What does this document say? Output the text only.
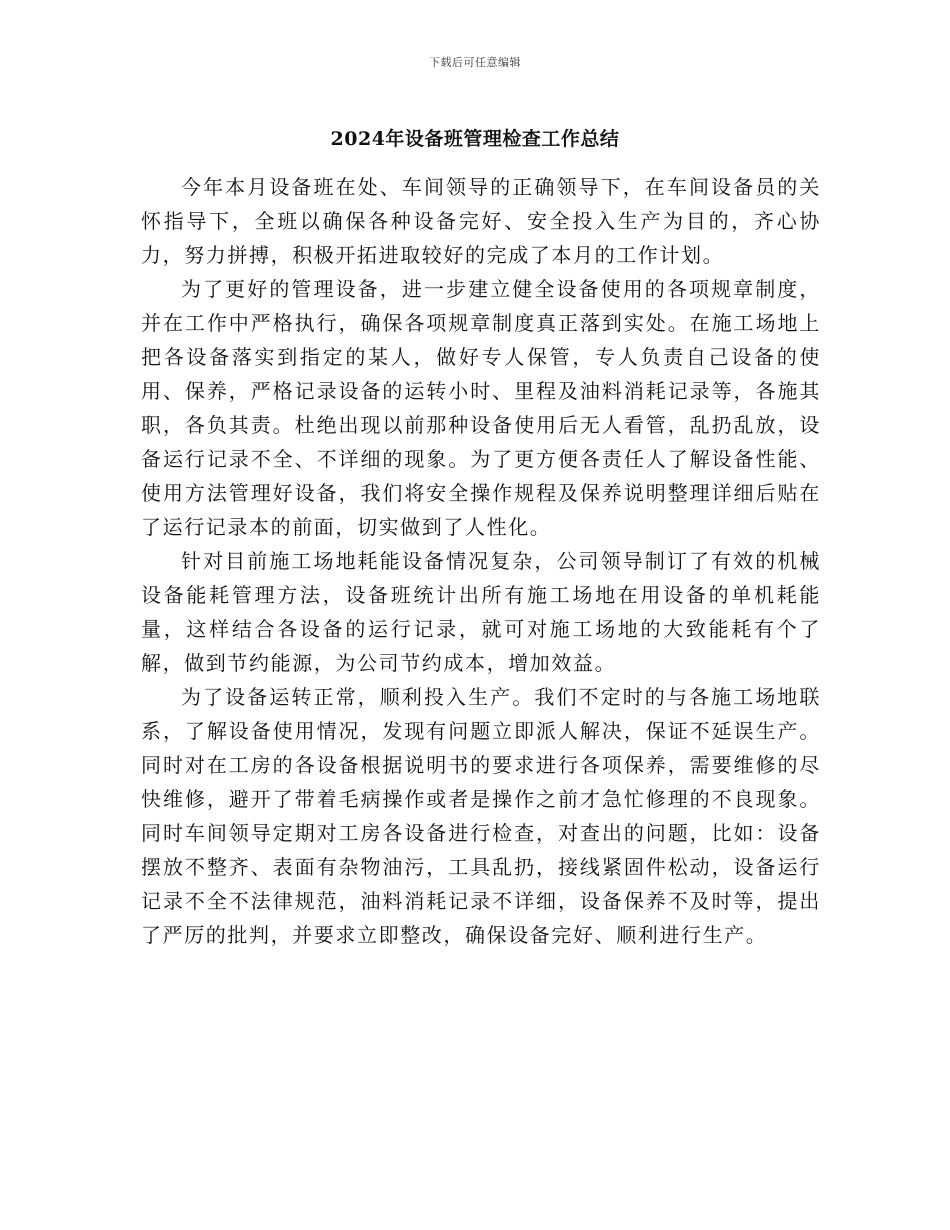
下载后可任意编辑
2024年设备班管理检查工作总结

今年本月设备班在处、车间领导的正确领导下，在车间设备员的关怀指导下，全班以确保各种设备完好、安全投入生产为目的，齐心协力，努力拼搏，积极开拓进取较好的完成了本月的工作计划。

为了更好的管理设备，进一步建立健全设备使用的各项规章制度，并在工作中严格执行，确保各项规章制度真正落到实处。在施工场地上把各设备落实到指定的某人，做好专人保管，专人负责自己设备的使用、保养，严格记录设备的运转小时、里程及油料消耗记录等，各施其职，各负其责。杜绝出现以前那种设备使用后无人看管，乱扔乱放，设备运行记录不全、不详细的现象。为了更方便各责任人了解设备性能、使用方法管理好设备，我们将安全操作规程及保养说明整理详细后贴在了运行记录本的前面，切实做到了人性化。

针对目前施工场地耗能设备情况复杂，公司领导制订了有效的机械设备能耗管理方法，设备班统计出所有施工场地在用设备的单机耗能量，这样结合各设备的运行记录，就可对施工场地的大致能耗有个了解，做到节约能源，为公司节约成本，增加效益。

为了设备运转正常，顺利投入生产。我们不定时的与各施工场地联系，了解设备使用情况，发现有问题立即派人解决，保证不延误生产。同时对在工房的各设备根据说明书的要求进行各项保养，需要维修的尽快维修，避开了带着毛病操作或者是操作之前才急忙修理的不良现象。同时车间领导定期对工房各设备进行检查，对查出的问题，比如：设备摆放不整齐、表面有杂物油污，工具乱扔，接线紧固件松动，设备运行记录不全不法律规范，油料消耗记录不详细，设备保养不及时等，提出了严厉的批判，并要求立即整改，确保设备完好、顺利进行生产。
